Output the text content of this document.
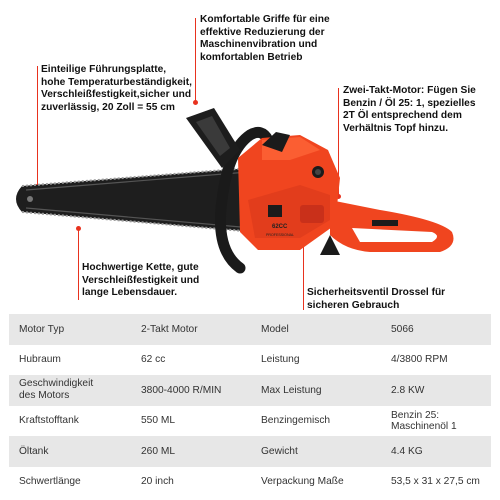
Komfortable Griffe für eine
effektive Reduzierung der
Maschinenvibration und
komfortablen Betrieb
Einteilige Führungsplatte,
hohe Temperaturbeständigkeit,
Verschleißfestigkeit,sicher und
zuverlässig, 20 Zoll = 55 cm
Zwei-Takt-Motor: Fügen Sie
Benzin / Öl 25: 1, spezielles
2T Öl entsprechend dem
Verhältnis Topf hinzu.
Hochwertige Kette, gute
Verschleißfestigkeit und
lange Lebensdauer.	Sicherheitsventil Drossel für
sicheren Gebrauch
62CC
PROFESSIONAL
Motor Typ	2-Takt Motor	Model	5066
Hubraum	62 cc	Leistung	4/3800 RPM

Geschwindigkeit
des Motors	3800-4000 R/MIN	Max Leistung	2.8 KW
Kraftstofftank	550 ML	Benzingemisch	Benzin 25: Maschinenöl 1
Öltank	260 ML	Gewicht	4.4 KG
Schwertlänge	20 inch	Verpackung Maße	53,5 x 31 x 27,5 cm
